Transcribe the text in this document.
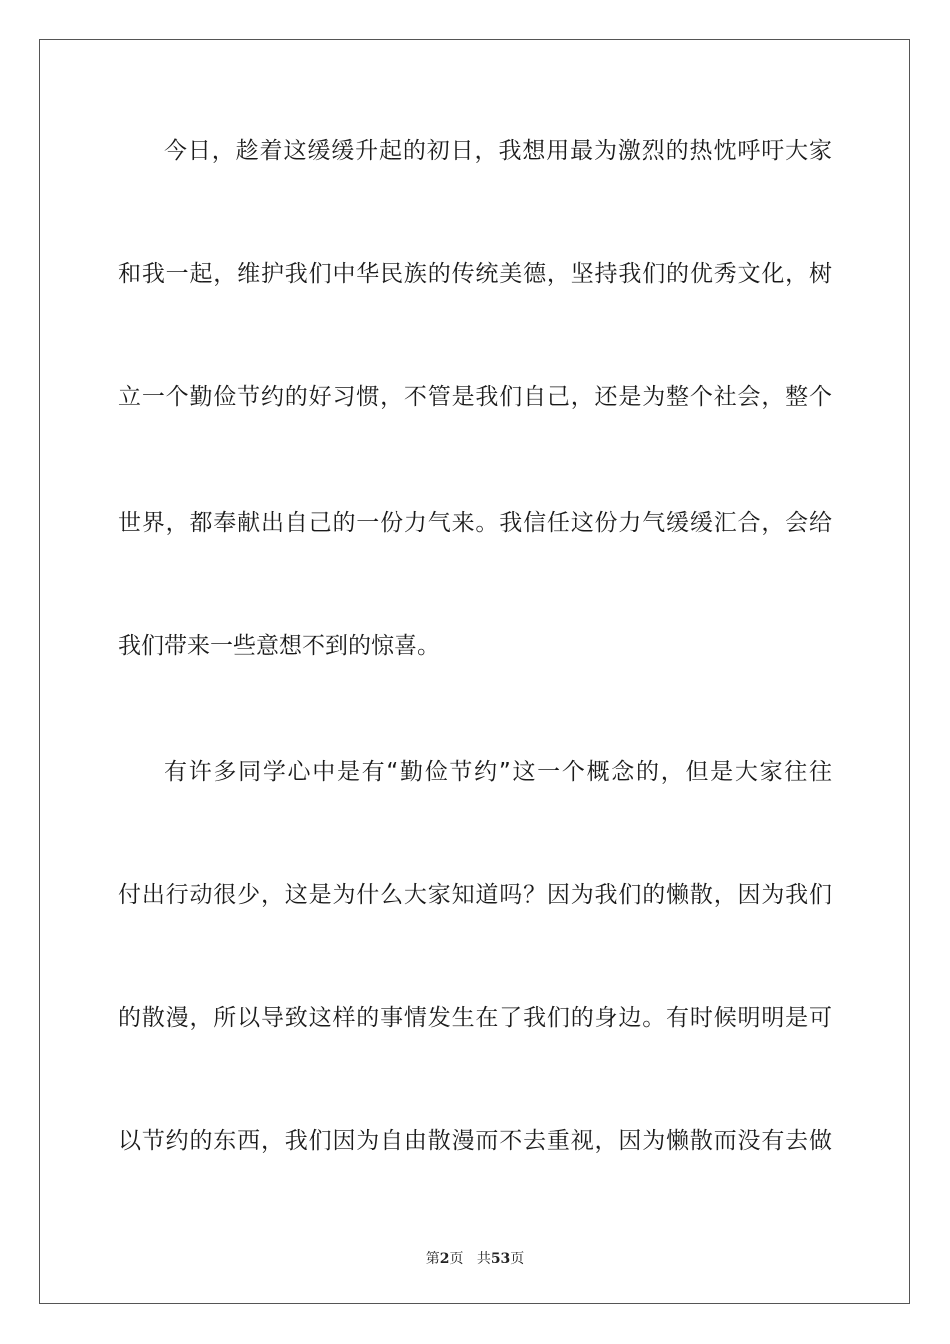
今日，趁着这缓缓升起的初日，我想用最为激烈的热忱呼吁大家
和我一起，维护我们中华民族的传统美德，坚持我们的优秀文化，树
立一个勤俭节约的好习惯，不管是我们自己，还是为整个社会，整个
世界，都奉献出自己的一份力气来。我信任这份力气缓缓汇合，会给
我们带来一些意想不到的惊喜。
有许多同学心中是有“勤俭节约”这一个概念的，但是大家往往
付出行动很少，这是为什么大家知道吗？因为我们的懒散，因为我们
的散漫，所以导致这样的事情发生在了我们的身边。有时候明明是可
以节约的东西，我们因为自由散漫而不去重视，因为懒散而没有去做
第2页 共53页
